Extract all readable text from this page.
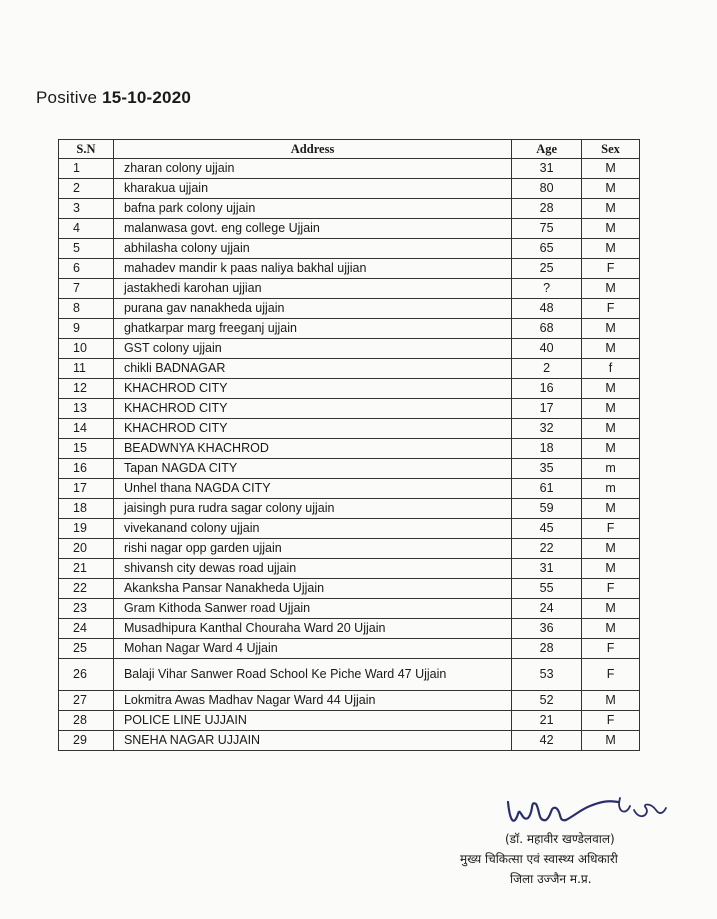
Positive 15-10-2020
S.N	Address	Age	Sex
1	zharan colony ujjain	31	M
2	kharakua ujjain	80	M
3	bafna park colony ujjain	28	M
4	malanwasa govt. eng college Ujjain	75	M
5	abhilasha colony ujjain	65	M
6	mahadev mandir k paas naliya bakhal ujjian	25	F
7	jastakhedi karohan ujjian	?	M
8	purana gav nanakheda ujjain	48	F
9	ghatkarpar marg freeganj ujjain	68	M
10	GST colony ujjain	40	M
11	chikli BADNAGAR	2	f
12	KHACHROD CITY	16	M
13	KHACHROD CITY	17	M
14	KHACHROD CITY	32	M
15	BEADWNYA KHACHROD	18	M
16	Tapan NAGDA CITY	35	m
17	Unhel thana NAGDA CITY	61	m
18	jaisingh pura rudra sagar colony ujjain	59	M
19	vivekanand colony ujjain	45	F
20	rishi nagar opp garden ujjain	22	M
21	shivansh city dewas road ujjain	31	M
22	Akanksha Pansar Nanakheda Ujjain	55	F
23	Gram Kithoda Sanwer road Ujjain	24	M
24	Musadhipura Kanthal Chouraha Ward 20 Ujjain	36	M
25	Mohan Nagar Ward 4 Ujjain	28	F
26	Balaji Vihar Sanwer Road School Ke Piche Ward 47 Ujjain	53	F
27	Lokmitra Awas Madhav Nagar Ward 44 Ujjain	52	M
28	POLICE LINE UJJAIN	21	F
29	SNEHA NAGAR UJJAIN	42	M
(डॉ. महावीर खण्डेलवाल)
मुख्य चिकित्सा एवं स्वास्थ्य अधिकारी
जिला उज्जैन म.प्र.
